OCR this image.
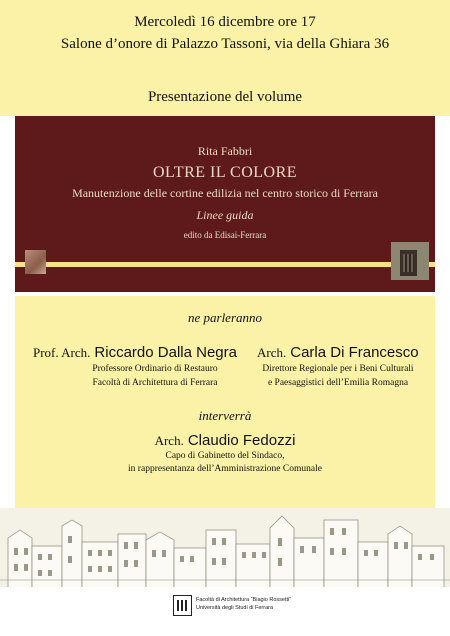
Mercoledì 16 dicembre ore 17
Salone d’onore di Palazzo Tassoni, via della Ghiara 36
Presentazione del volume
Rita Fabbri
OLTRE IL COLORE
Manutenzione delle cortine edilizia nel centro storico di Ferrara
Linee guida
edito da Edisai-Ferrara
ne parleranno
Prof. Arch. Riccardo Dalla Negra
Professore Ordinario di Restauro
Facoltà di Architettura di Ferrara
Arch. Carla Di Francesco
Direttore Regionale per i Beni Culturali
e Paesaggistici dell’Emilia Romagna
interverrà
Arch. Claudio Fedozzi
Capo di Gabinetto del Sindaco,
in rappresentanza dell’Amministrazione Comunale
Facoltà di Architettura “Biagio Rossetti”
Università degli Studi di Ferrara
